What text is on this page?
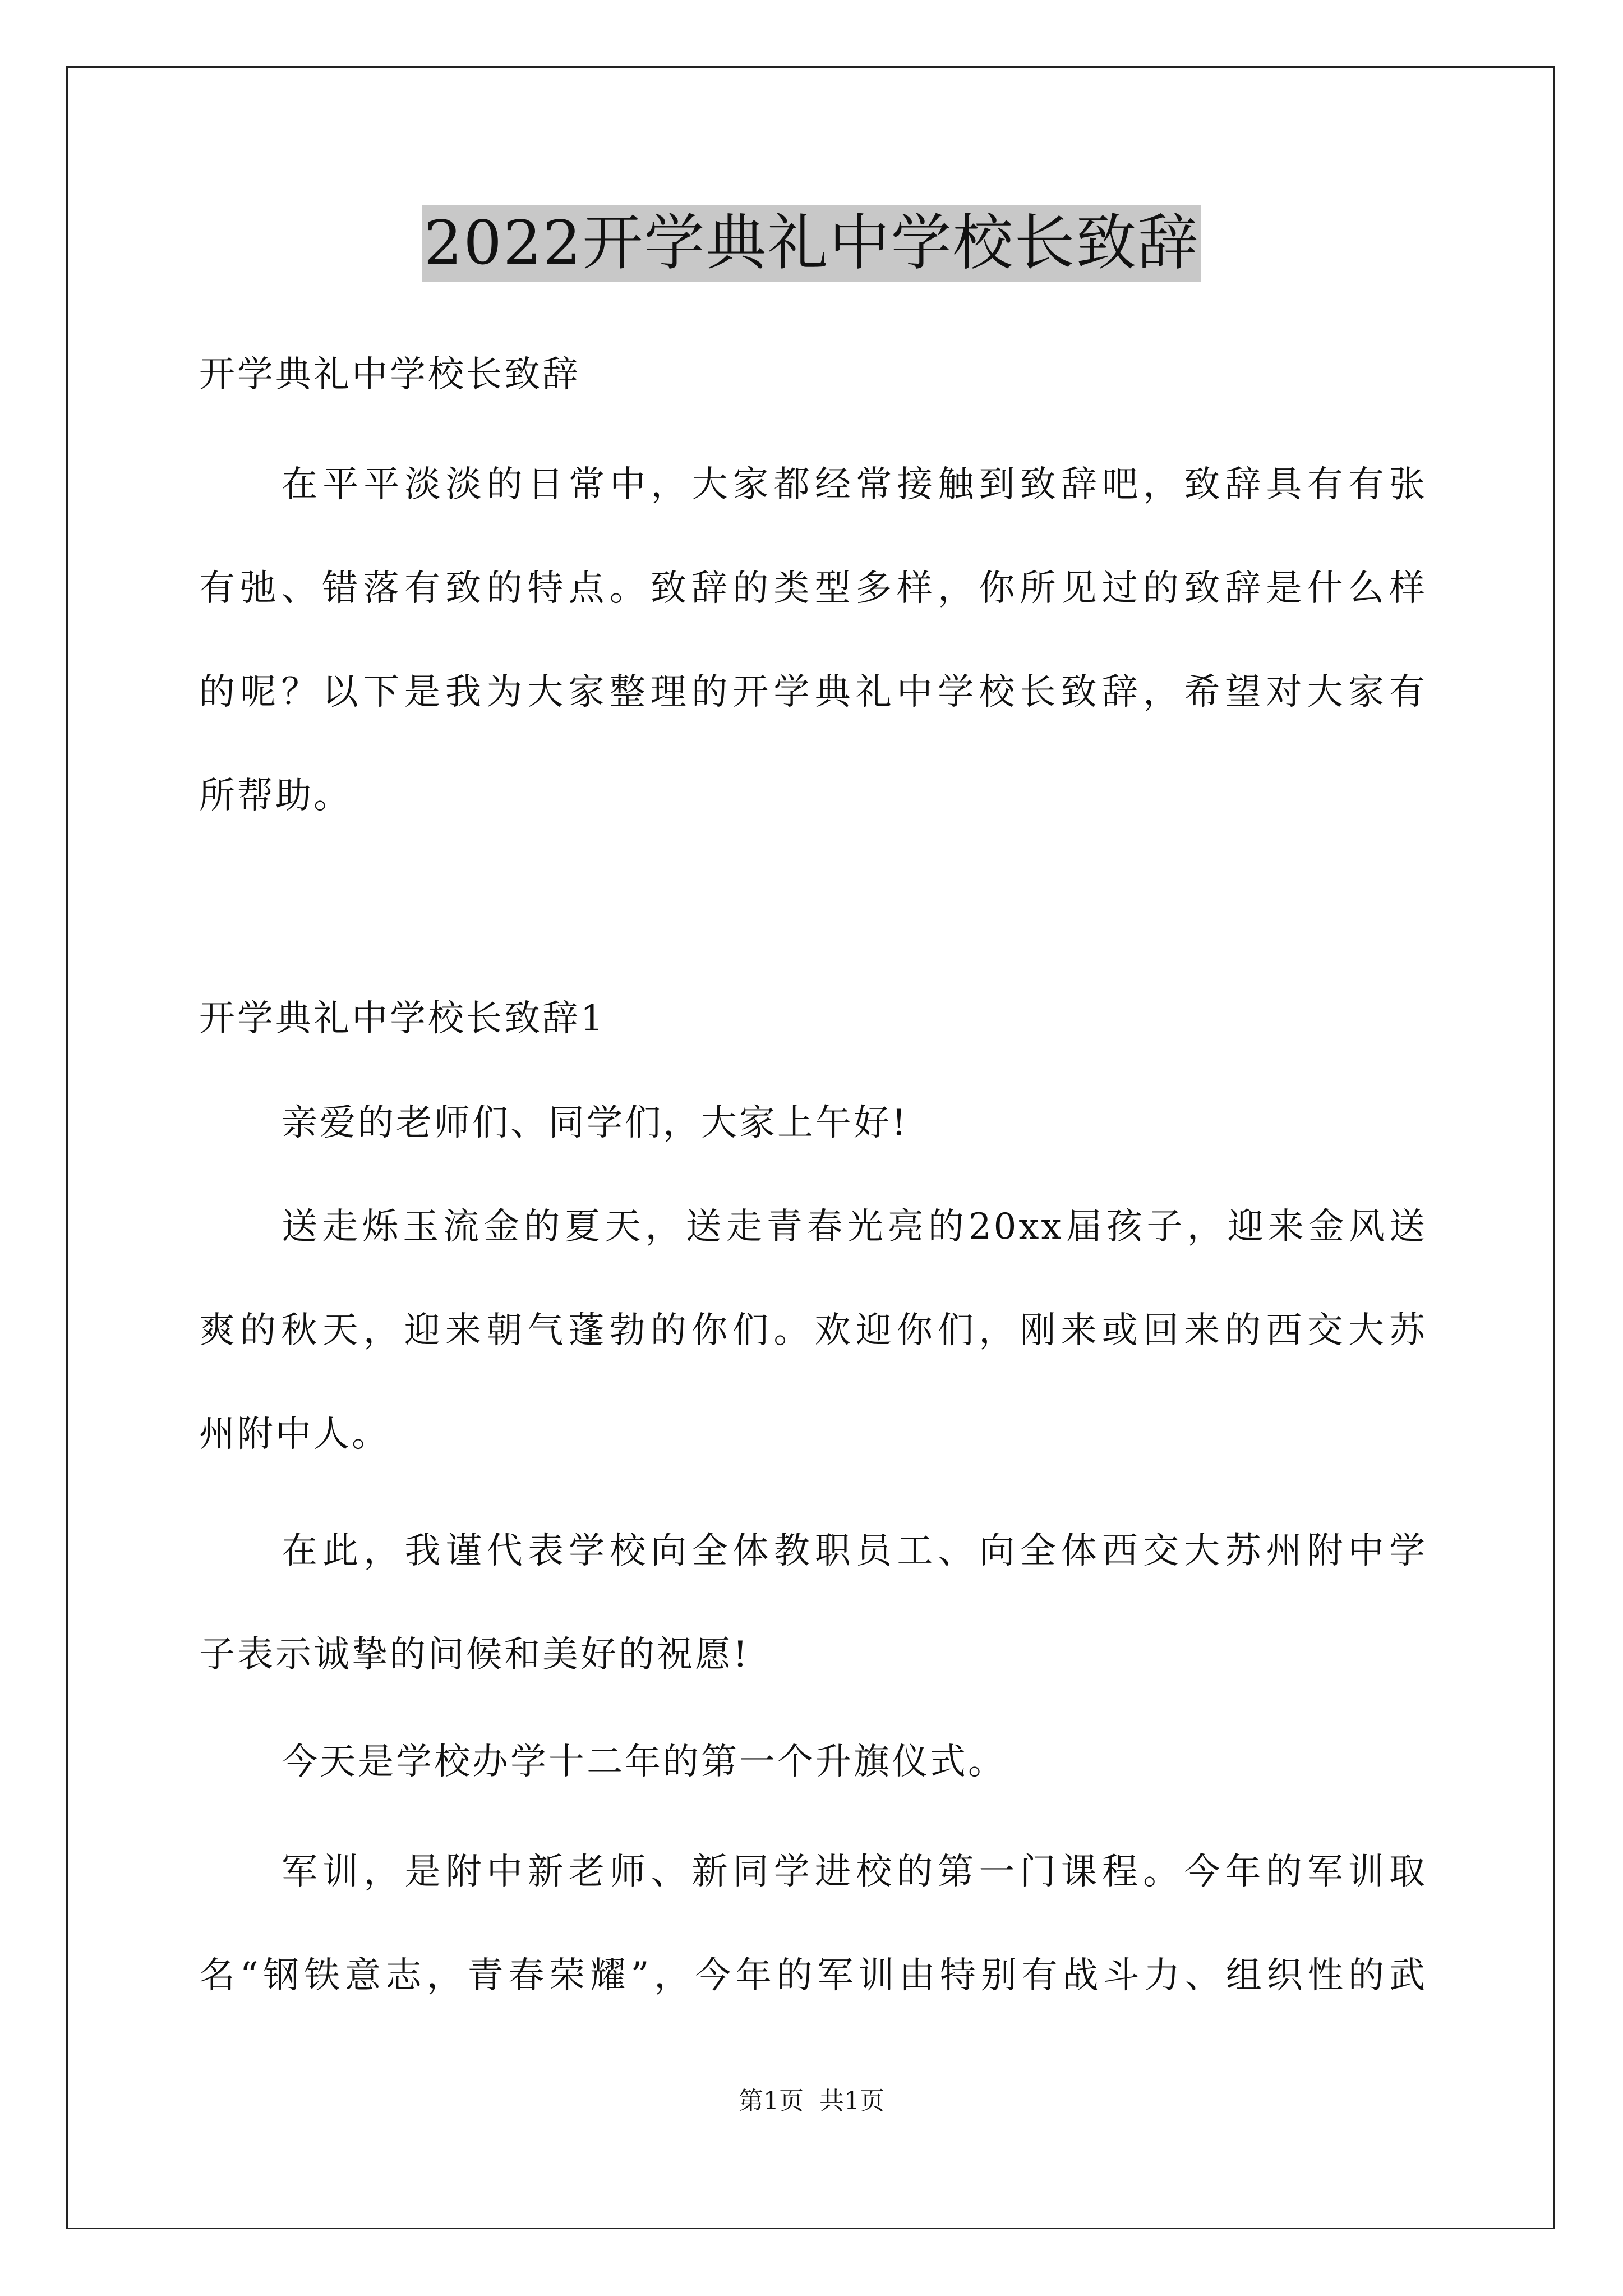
2022开学典礼中学校长致辞
开学典礼中学校长致辞
在平平淡淡的日常中，大家都经常接触到致辞吧，致辞具有有张
有弛、错落有致的特点。致辞的类型多样，你所见过的致辞是什么样
的呢？以下是我为大家整理的开学典礼中学校长致辞，希望对大家有
所帮助。
开学典礼中学校长致辞1
亲爱的老师们、同学们，大家上午好!
送走烁玉流金的夏天，送走青春光亮的20xx届孩子，迎来金风送
爽的秋天，迎来朝气蓬勃的你们。欢迎你们，刚来或回来的西交大苏
州附中人。
在此，我谨代表学校向全体教职员工、向全体西交大苏州附中学
子表示诚挚的问候和美好的祝愿!
今天是学校办学十二年的第一个升旗仪式。
军训，是附中新老师、新同学进校的第一门课程。今年的军训取
名“钢铁意志，青春荣耀”，今年的军训由特别有战斗力、组织性的武
第1页 共1页
